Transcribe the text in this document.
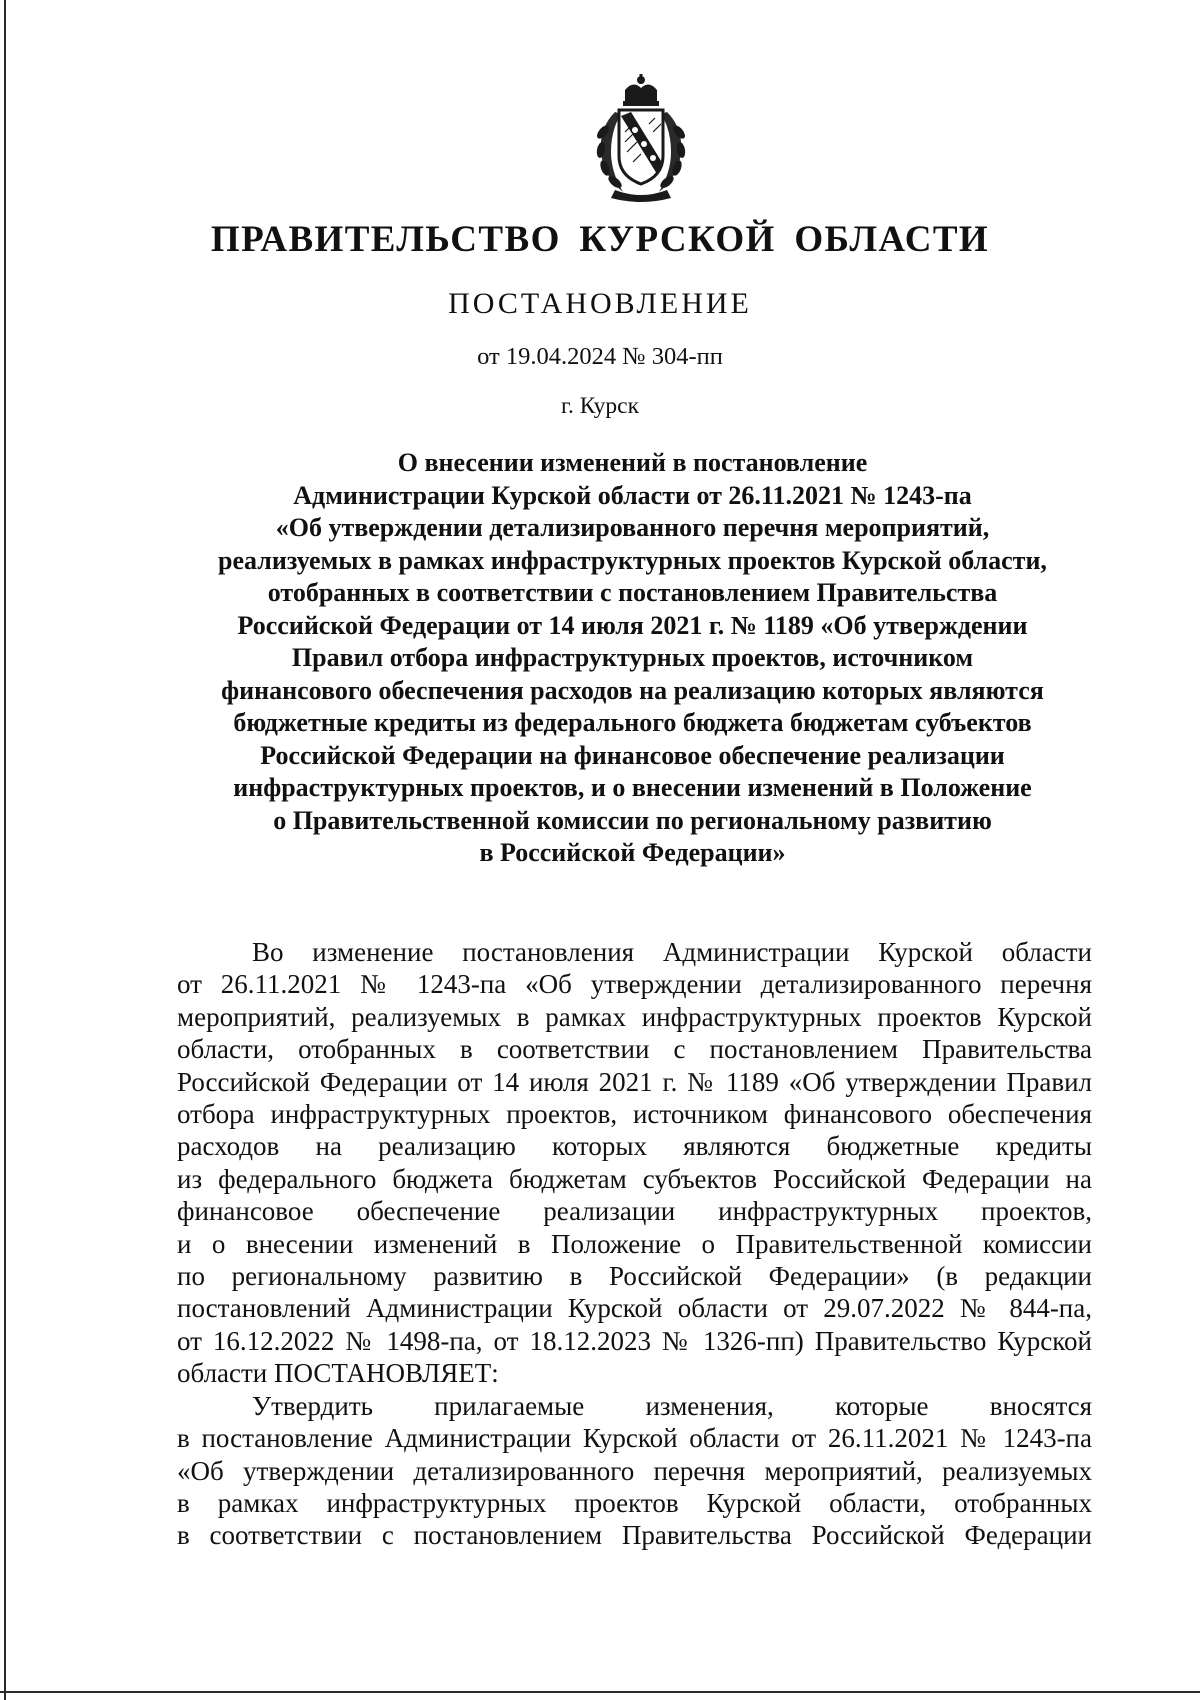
ПРАВИТЕЛЬСТВО КУРСКОЙ ОБЛАСТИ
ПОСТАНОВЛЕНИЕ
от 19.04.2024 № 304-пп
г. Курск
О внесении изменений в постановление
Администрации Курской области от 26.11.2021 № 1243-па
«Об утверждении детализированного перечня мероприятий,
реализуемых в рамках инфраструктурных проектов Курской области,
отобранных в соответствии с постановлением Правительства
Российской Федерации от 14 июля 2021 г. № 1189 «Об утверждении
Правил отбора инфраструктурных проектов, источником
финансового обеспечения расходов на реализацию которых являются
бюджетные кредиты из федерального бюджета бюджетам субъектов
Российской Федерации на финансовое обеспечение реализации
инфраструктурных проектов, и о внесении изменений в Положение
о Правительственной комиссии по региональному развитию
в Российской Федерации»
Во изменение постановления Администрации Курской области
от 26.11.2021 № 1243-па «Об утверждении детализированного перечня
мероприятий, реализуемых в рамках инфраструктурных проектов Курской
области, отобранных в соответствии с постановлением Правительства
Российской Федерации от 14 июля 2021 г. № 1189 «Об утверждении Правил
отбора инфраструктурных проектов, источником финансового обеспечения
расходов на реализацию которых являются бюджетные кредиты
из федерального бюджета бюджетам субъектов Российской Федерации на
финансовое обеспечение реализации инфраструктурных проектов,
и о внесении изменений в Положение о Правительственной комиссии
по региональному развитию в Российской Федерации» (в редакции
постановлений Администрации Курской области от 29.07.2022 № 844-па,
от 16.12.2022 № 1498-па, от 18.12.2023 № 1326-пп) Правительство Курской
области ПОСТАНОВЛЯЕТ:
Утвердить прилагаемые изменения, которые вносятся
в постановление Администрации Курской области от 26.11.2021 № 1243-па
«Об утверждении детализированного перечня мероприятий, реализуемых
в рамках инфраструктурных проектов Курской области, отобранных
в соответствии с постановлением Правительства Российской Федерации
